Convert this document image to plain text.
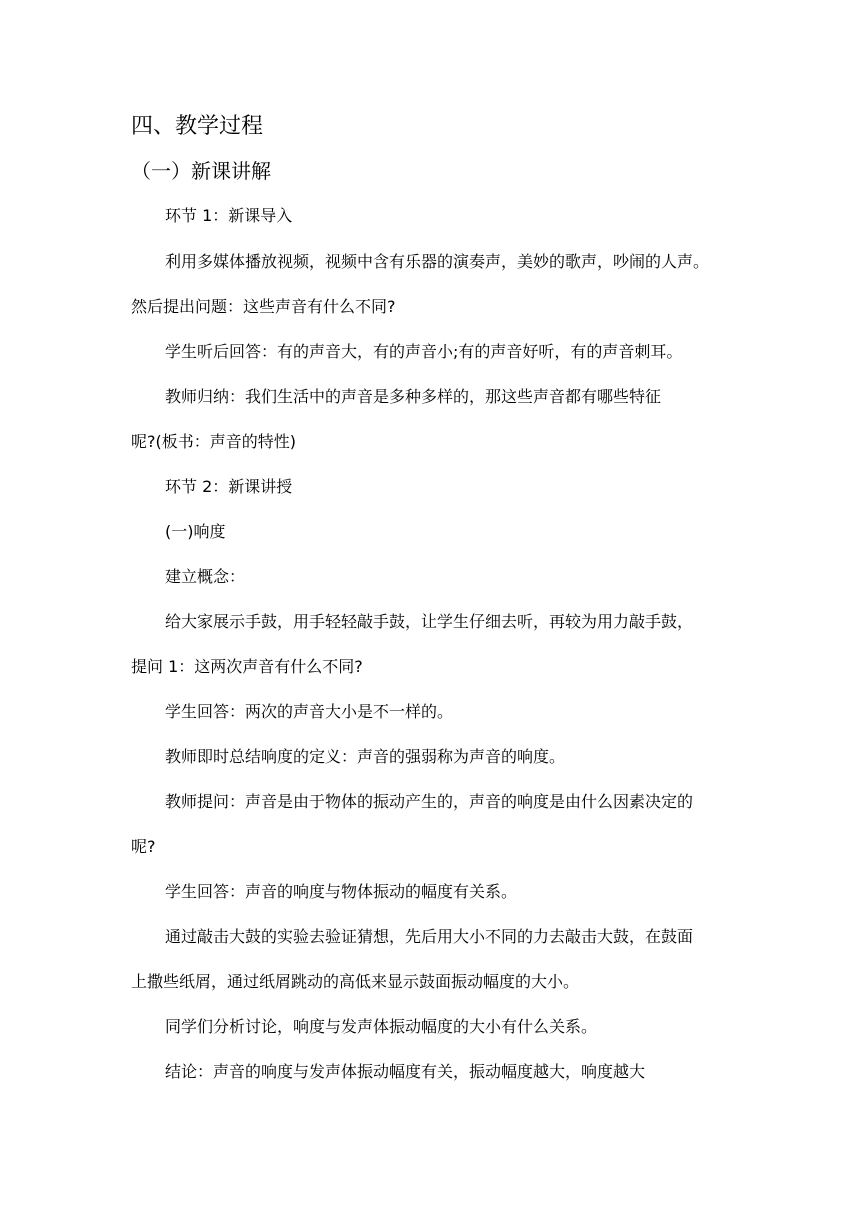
四、教学过程
（一）新课讲解
环节 1：新课导入
利用多媒体播放视频，视频中含有乐器的演奏声，美妙的歌声，吵闹的人声。
然后提出问题：这些声音有什么不同?
学生听后回答：有的声音大，有的声音小;有的声音好听，有的声音刺耳。
教师归纳：我们生活中的声音是多种多样的，那这些声音都有哪些特征
呢?(板书：声音的特性)
环节 2：新课讲授
(一)响度
建立概念：
给大家展示手鼓，用手轻轻敲手鼓，让学生仔细去听，再较为用力敲手鼓，
提问 1：这两次声音有什么不同?
学生回答：两次的声音大小是不一样的。
教师即时总结响度的定义：声音的强弱称为声音的响度。
教师提问：声音是由于物体的振动产生的，声音的响度是由什么因素决定的
呢?
学生回答：声音的响度与物体振动的幅度有关系。
通过敲击大鼓的实验去验证猜想，先后用大小不同的力去敲击大鼓，在鼓面
上撒些纸屑，通过纸屑跳动的高低来显示鼓面振动幅度的大小。
同学们分析讨论，响度与发声体振动幅度的大小有什么关系。
结论：声音的响度与发声体振动幅度有关，振动幅度越大，响度越大
